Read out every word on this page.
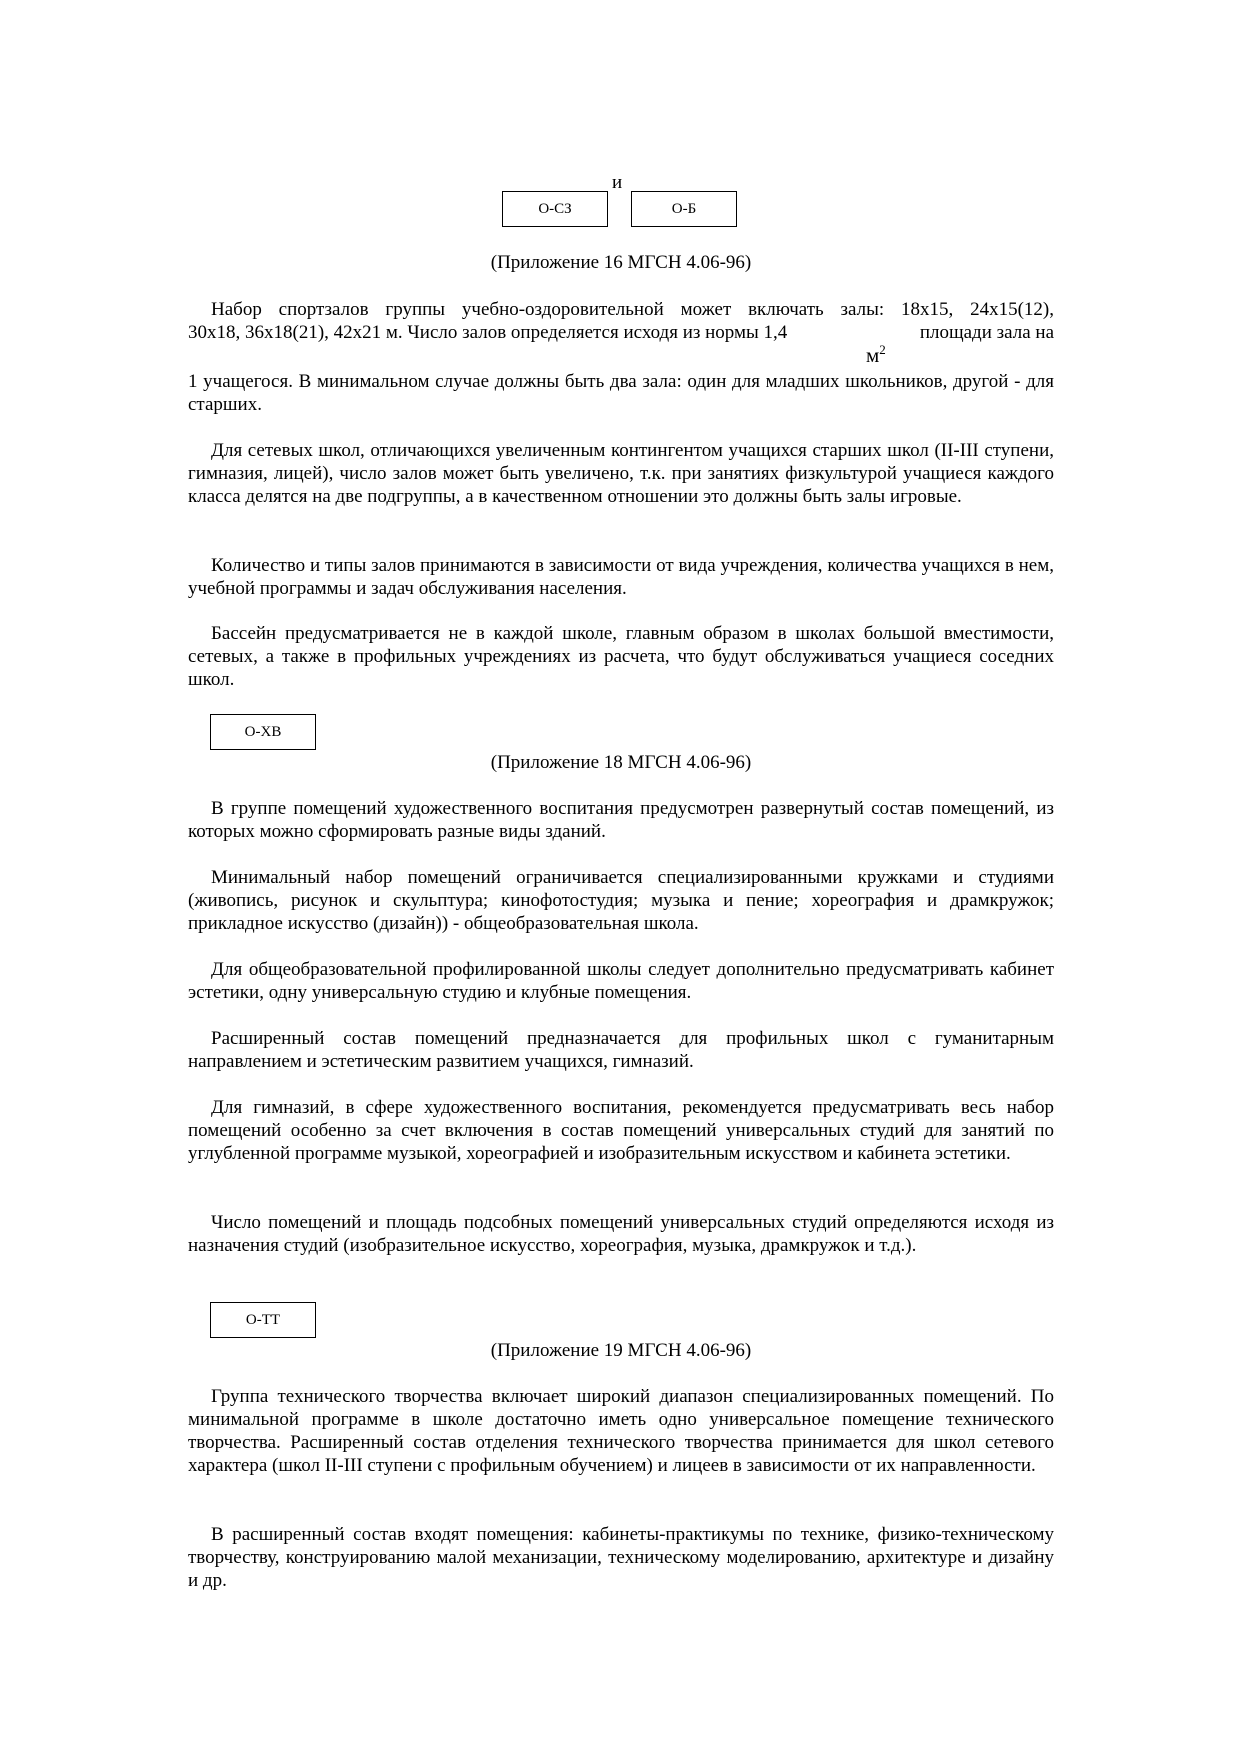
О-СЗ
и
О-Б
(Приложение 16 МГСН 4.06-96)
Набор спортзалов группы учебно-оздоровительной может включать залы: 18х15, 24х15(12),
30х18, 36х18(21), 42х21 м. Число залов определяется исходя из нормы 1,4	площади зала на
$м^2$

1 учащегося. В минимальном случае должны быть два зала: один для младших школьников, другой - для старших.

Для сетевых школ, отличающихся увеличенным контингентом учащихся старших школ (II-III ступени, гимназия, лицей), число залов может быть увеличено, т.к. при занятиях физкультурой учащиеся каждого класса делятся на две подгруппы, а в качественном отношении это должны быть залы игровые.

Количество и типы залов принимаются в зависимости от вида учреждения, количества учащихся в нем, учебной программы и задач обслуживания населения.

Бассейн предусматривается не в каждой школе, главным образом в школах большой вместимости, сетевых, а также в профильных учреждениях из расчета, что будут обслуживаться учащиеся соседних школ.

О-ХВ
(Приложение 18 МГСН 4.06-96)

В группе помещений художественного воспитания предусмотрен развернутый состав помещений, из которых можно сформировать разные виды зданий.

Минимальный набор помещений ограничивается специализированными кружками и студиями (живопись, рисунок и скульптура; кинофотостудия; музыка и пение; хореография и драмкружок; прикладное искусство (дизайн)) - общеобразовательная школа.

Для общеобразовательной профилированной школы следует дополнительно предусматривать кабинет эстетики, одну универсальную студию и клубные помещения.

Расширенный состав помещений предназначается для профильных школ с гуманитарным направлением и эстетическим развитием учащихся, гимназий.

Для гимназий, в сфере художественного воспитания, рекомендуется предусматривать весь набор помещений особенно за счет включения в состав помещений универсальных студий для занятий по углубленной программе музыкой, хореографией и изобразительным искусством и кабинета эстетики.

Число помещений и площадь подсобных помещений универсальных студий определяются исходя из назначения студий (изобразительное искусство, хореография, музыка, драмкружок и т.д.).

О-ТТ
(Приложение 19 МГСН 4.06-96)

Группа технического творчества включает широкий диапазон специализированных помещений. По минимальной программе в школе достаточно иметь одно универсальное помещение технического творчества. Расширенный состав отделения технического творчества принимается для школ сетевого характера (школ II-III ступени с профильным обучением) и лицеев в зависимости от их направленности.

В расширенный состав входят помещения: кабинеты-практикумы по технике, физико-техническому творчеству, конструированию малой механизации, техническому моделированию, архитектуре и дизайну и др.
